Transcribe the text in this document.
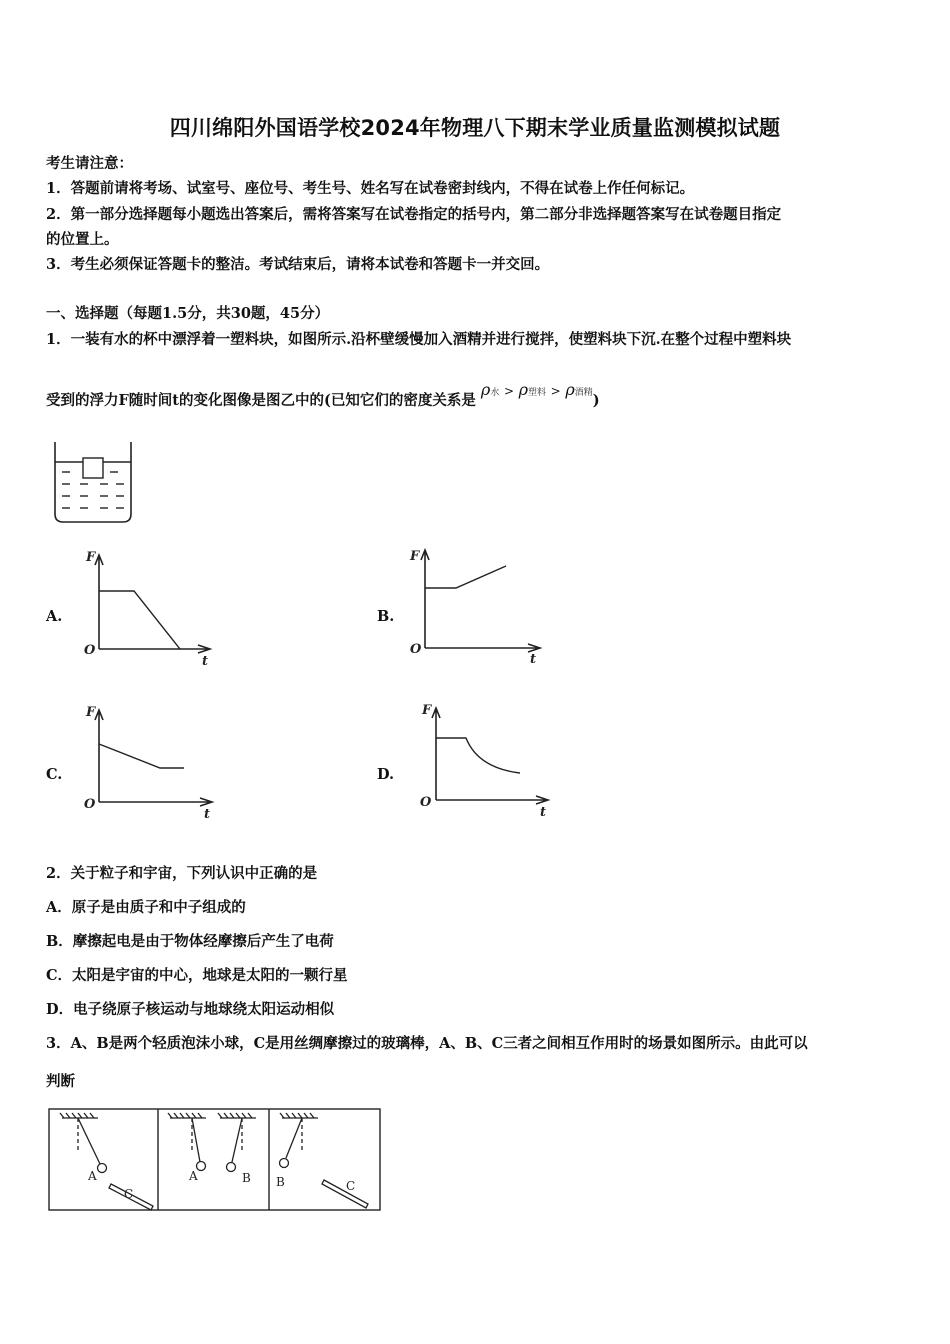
四川绵阳外国语学校2024年物理八下期末学业质量监测模拟试题
考生请注意：
1．答题前请将考场、试室号、座位号、考生号、姓名写在试卷密封线内，不得在试卷上作任何标记。
2．第一部分选择题每小题选出答案后，需将答案写在试卷指定的括号内，第二部分非选择题答案写在试卷题目指定
的位置上。
3．考生必须保证答题卡的整洁。考试结束后，请将本试卷和答题卡一并交回。
一、选择题（每题1.5分，共30题，45分）
1．一装有水的杯中漂浮着一塑料块，如图所示.沿杯壁缓慢加入酒精并进行搅拌，使塑料块下沉.在整个过程中塑料块
受到的浮力F随时间t的变化图像是图乙中的(已知它们的密度关系是 ρ水 > ρ塑料 > ρ酒精)
A.
F
O
t
B.
F
O
t
C.
F
O
t
D.
F
O
t
2．关于粒子和宇宙，下列认识中正确的是
A．原子是由质子和中子组成的
B．摩擦起电是由于物体经摩擦后产生了电荷
C．太阳是宇宙的中心，地球是太阳的一颗行星
D．电子绕原子核运动与地球绕太阳运动相似
3．A、B是两个轻质泡沫小球，C是用丝绸摩擦过的玻璃棒，A、B、C三者之间相互作用时的场景如图所示。由此可以
判断
A
C
A	B B	C
